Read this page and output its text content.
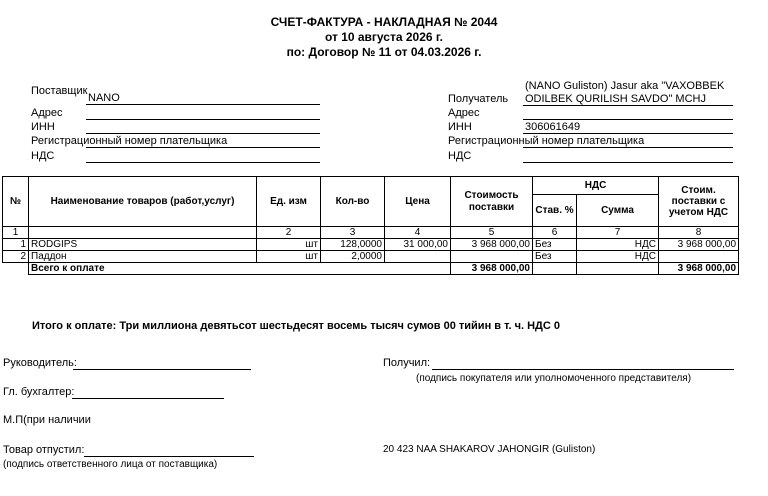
СЧЕТ-ФАКТУРА - НАКЛАДНАЯ № 2044
от 10 августа 2026 г.
по: Договор № 11 от 04.03.2026 г.
Поставщик
NANO
Адрес
ИНН
Регистрационный номер плательщика
НДС
(NANO Guliston) Jasur aka "VAXOBBEK
Получатель ODILBEK QURILISH SAVDO" MCHJ
Адрес
ИНН	306061649
Регистрационный номер плательщика
НДС
№	Наименование товаров (работ,услуг)	Ед. изм	Кол-во	Цена	Стоимость поставки	НДС		Стоим. поставки с учетом НДС
						Став. %	Сумма	
1		2	3	4	5	6	7	8
1	RODGIPS	шт	128,0000	31 000,00	3 968 000,00	Без	НДС	3 968 000,00
2	Паддон	шт	2,0000			Без	НДС	
	Всего к оплате				3 968 000,00			3 968 000,00
Итого к оплате: Три миллиона девятьсот шестьдесят восемь тысяч сумов 00 тийин в т. ч. НДС 0
Руководитель:
Гл. бухгалтер:
М.П(при наличии
Товар отпустил:
(подпись ответственного лица от поставщика)
Получил:
(подпись покупателя или уполномоченного представителя)
20 423 NAA SHAKAROV JAHONGIR (Guliston)
